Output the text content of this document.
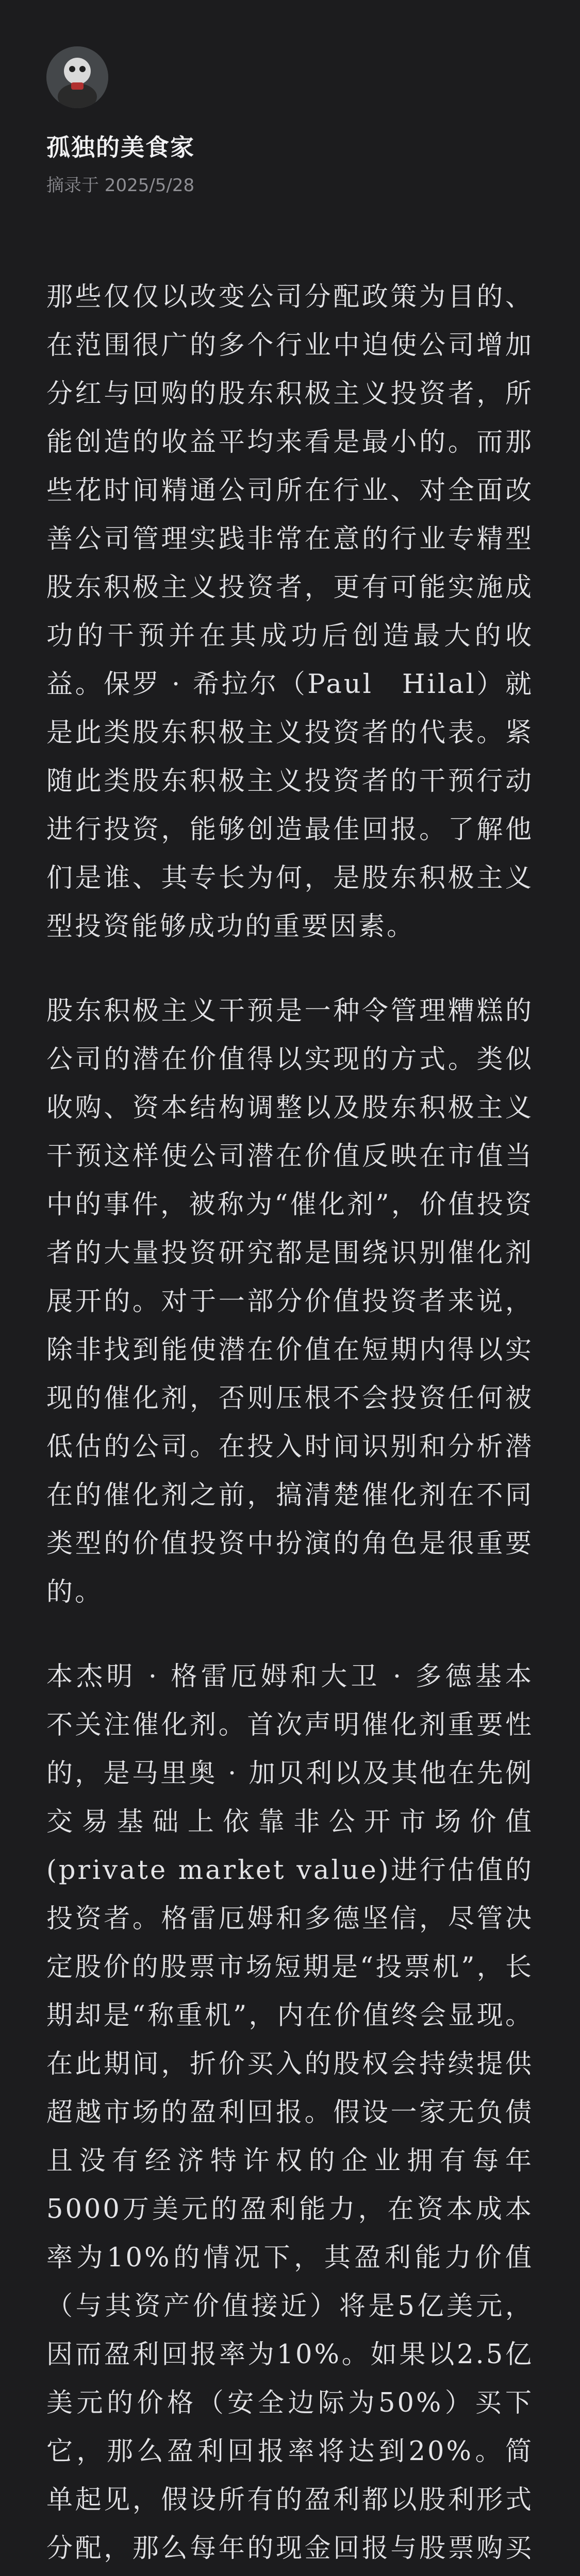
孤独的美食家
摘录于 2025/5/28

那些仅仅以改变公司分配政策为目的、在范围很广的多个行业中迫使公司增加分红与回购的股东积极主义投资者，所能创造的收益平均来看是最小的。而那些花时间精通公司所在行业、对全面改善公司管理实践非常在意的行业专精型股东积极主义投资者，更有可能实施成功的干预并在其成功后创造最大的收益。保罗 · 希拉尔（Paul　Hilal）就是此类股东积极主义投资者的代表。紧随此类股东积极主义投资者的干预行动进行投资，能够创造最佳回报。了解他们是谁、其专长为何，是股东积极主义型投资能够成功的重要因素。

股东积极主义干预是一种令管理糟糕的公司的潜在价值得以实现的方式。类似收购、资本结构调整以及股东积极主义干预这样使公司潜在价值反映在市值当中的事件，被称为“催化剂”，价值投资者的大量投资研究都是围绕识别催化剂展开的。对于一部分价值投资者来说，除非找到能使潜在价值在短期内得以实现的催化剂，否则压根不会投资任何被低估的公司。在投入时间识别和分析潜在的催化剂之前，搞清楚催化剂在不同类型的价值投资中扮演的角色是很重要的。

本杰明 · 格雷厄姆和大卫 · 多德基本不关注催化剂。首次声明催化剂重要性的，是马里奥 · 加贝利以及其他在先例交易基础上依靠非公开市场价值(private market value)进行估值的投资者。格雷厄姆和多德坚信，尽管决定股价的股票市场短期是“投票机”，长期却是“称重机”，内在价值终会显现。在此期间，折价买入的股权会持续提供超越市场的盈利回报。假设一家无负债且没有经济特许权的企业拥有每年5000万美元的盈利能力，在资本成本率为10%的情况下，其盈利能力价值（与其资产价值接近）将是5亿美元，因而盈利回报率为10%。如果以2.5亿美元的价格（安全边际为50%）买下它，那么盈利回报率将达到20%。简单起见，假设所有的盈利都以股利形式分配，那么每年的现金回报与股票购买
